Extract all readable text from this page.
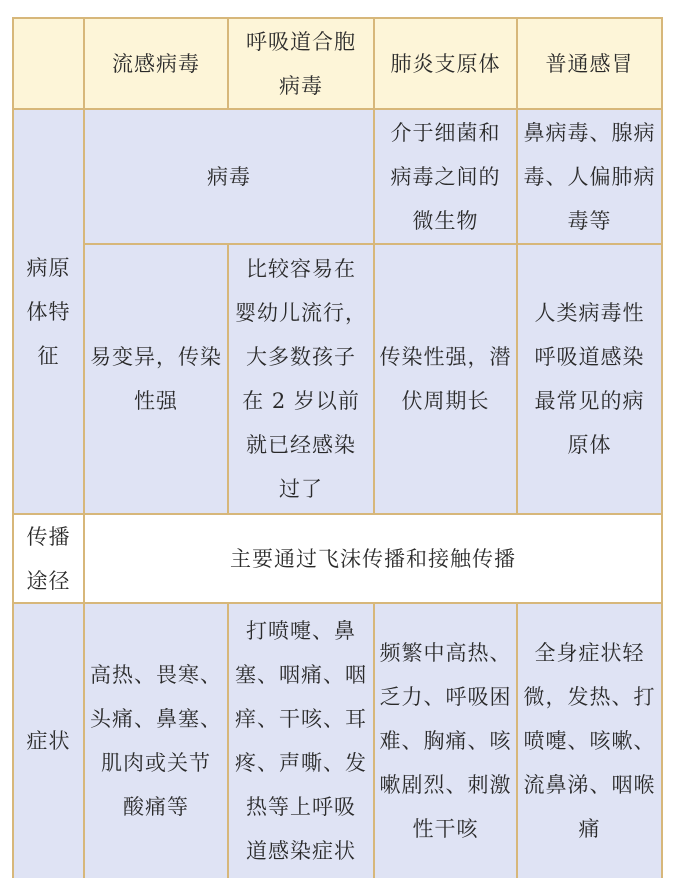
流感病毒
呼吸道合胞
病毒
肺炎支原体 普通感冒
病原
体特
征
病毒
介于细菌和
病毒之间的
微生物
鼻病毒、腺病
毒、人偏肺病
毒等
易变异，传染
性强
比较容易在
婴幼儿流行，
大多数孩子
在 2 岁以前
就已经感染
过了
传染性强，潜
伏周期长
人类病毒性
呼吸道感染
最常见的病
原体
传播
途径
主要通过飞沫传播和接触传播
症状
高热、畏寒、
头痛、鼻塞、
肌肉或关节
酸痛等
打喷嚏、鼻
塞、咽痛、咽
痒、干咳、耳
疼、声嘶、发
热等上呼吸
道感染症状
频繁中高热、
乏力、呼吸困
难、胸痛、咳
嗽剧烈、刺激
性干咳
全身症状轻
微，发热、打
喷嚏、咳嗽、
流鼻涕、咽喉
痛
